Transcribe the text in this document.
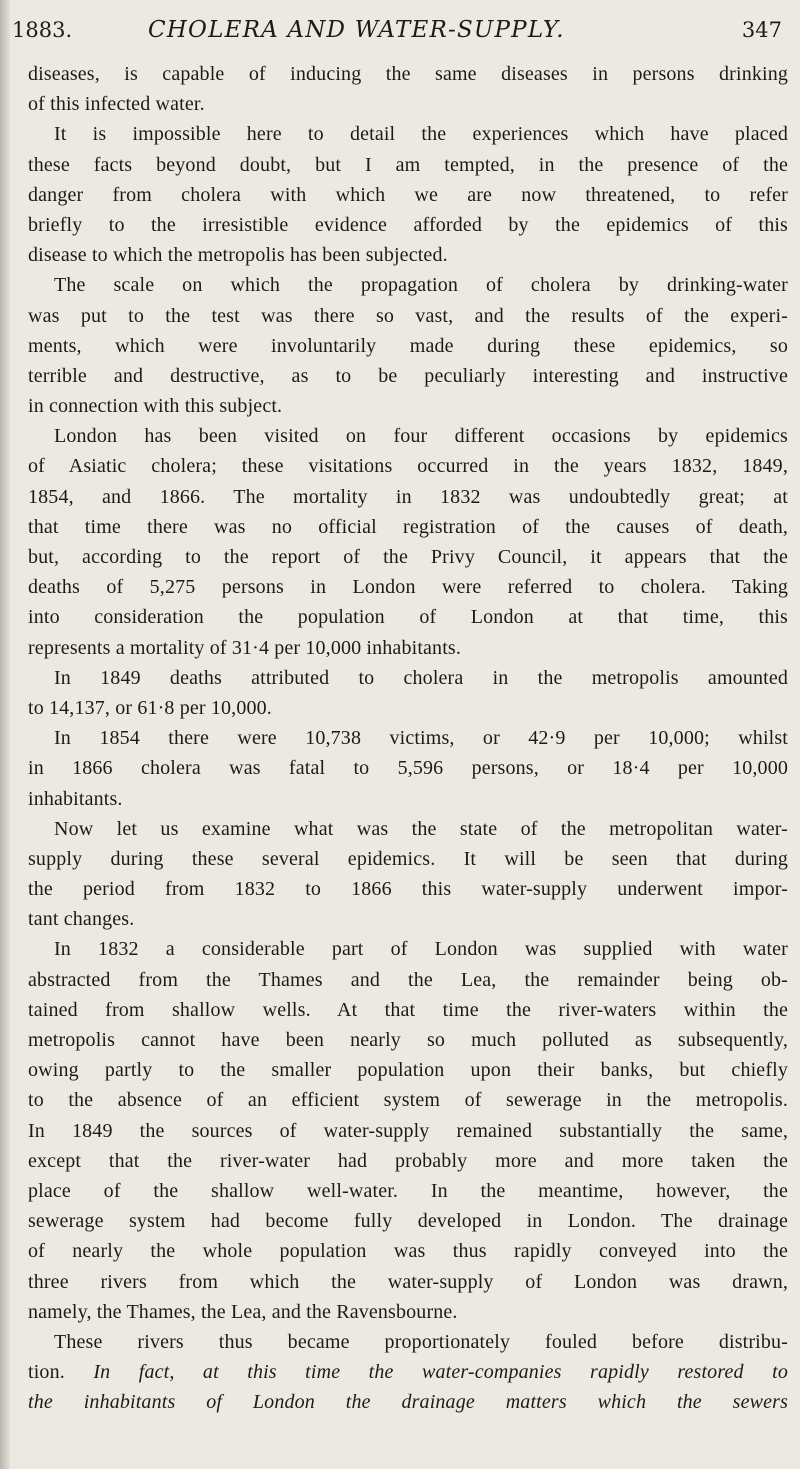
1883.	CHOLERA AND WATER-SUPPLY.	347
diseases, is capable of inducing the same diseases in persons drinking
of this infected water.
It is impossible here to detail the experiences which have placed
these facts beyond doubt, but I am tempted, in the presence of the
danger from cholera with which we are now threatened, to refer
briefly to the irresistible evidence afforded by the epidemics of this
disease to which the metropolis has been subjected.
The scale on which the propagation of cholera by drinking-water
was put to the test was there so vast, and the results of the experi-
ments, which were involuntarily made during these epidemics, so
terrible and destructive, as to be peculiarly interesting and instructive
in connection with this subject.
London has been visited on four different occasions by epidemics
of Asiatic cholera; these visitations occurred in the years 1832, 1849,
1854, and 1866. The mortality in 1832 was undoubtedly great; at
that time there was no official registration of the causes of death,
but, according to the report of the Privy Council, it appears that the
deaths of 5,275 persons in London were referred to cholera. Taking
into consideration the population of London at that time, this
represents a mortality of 31·4 per 10,000 inhabitants.
In 1849 deaths attributed to cholera in the metropolis amounted
to 14,137, or 61·8 per 10,000.
In 1854 there were 10,738 victims, or 42·9 per 10,000; whilst
in 1866 cholera was fatal to 5,596 persons, or 18·4 per 10,000
inhabitants.
Now let us examine what was the state of the metropolitan water-
supply during these several epidemics. It will be seen that during
the period from 1832 to 1866 this water-supply underwent impor-
tant changes.
In 1832 a considerable part of London was supplied with water
abstracted from the Thames and the Lea, the remainder being ob-
tained from shallow wells. At that time the river-waters within the
metropolis cannot have been nearly so much polluted as subsequently,
owing partly to the smaller population upon their banks, but chiefly
to the absence of an efficient system of sewerage in the metropolis.
In 1849 the sources of water-supply remained substantially the same,
except that the river-water had probably more and more taken the
place of the shallow well-water. In the meantime, however, the
sewerage system had become fully developed in London. The drainage
of nearly the whole population was thus rapidly conveyed into the
three rivers from which the water-supply of London was drawn,
namely, the Thames, the Lea, and the Ravensbourne.
These rivers thus became proportionately fouled before distribu-
tion. In fact, at this time the water-companies rapidly restored to
the inhabitants of London the drainage matters which the sewers
